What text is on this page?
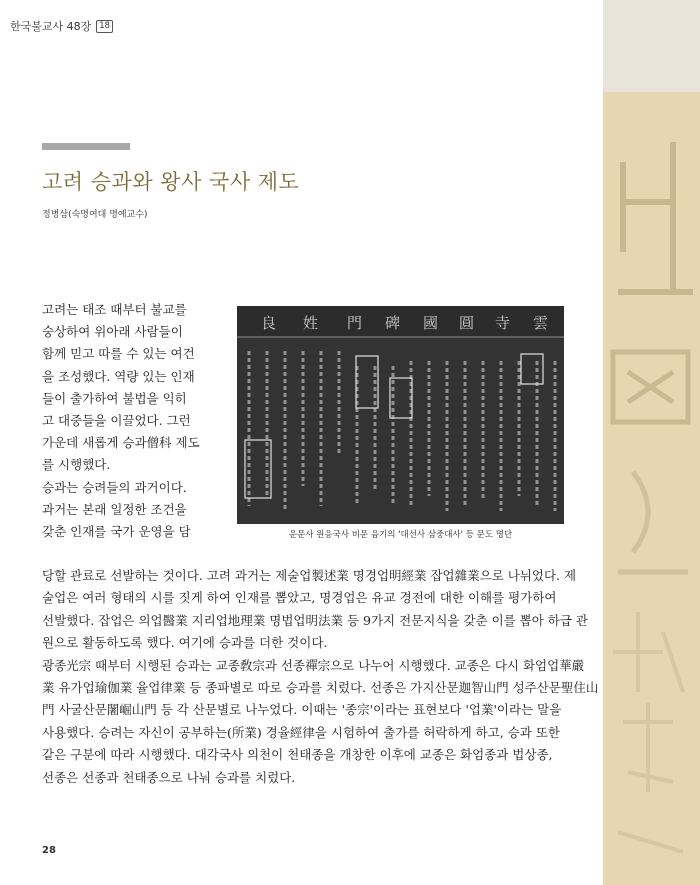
한국불교사 48장 18
고려 승과와 왕사 국사 제도
정병삼(숙명여대 명예교수)
고려는 태조 때부터 불교를
숭상하여 위아래 사람들이
함께 믿고 따를 수 있는 여건
을 조성했다. 역량 있는 인재
들이 출가하여 불법을 익히
고 대중들을 이끌었다. 그런
가운데 새롭게 승과僧科 제도
를 시행했다.
승과는 승려들의 과거이다.
과거는 본래 일정한 조건을
갖춘 인재를 국가 운영을 담
雲
寺
圓
國
碑
門
姓
良
운문사 원응국사 비문 음기의 '대선사 삼중대사' 등 문도 명단
당할 관료로 선발하는 것이다. 고려 과거는 제술업製述業 명경업明經業 잡업雜業으로 나뉘었다. 제
술업은 여러 형태의 시를 짓게 하여 인재를 뽑았고, 명경업은 유교 경전에 대한 이해를 평가하여
선발했다. 잡업은 의업醫業 지리업地理業 명법업明法業 등 9가지 전문지식을 갖춘 이를 뽑아 하급 관
원으로 활동하도록 했다. 여기에 승과를 더한 것이다.
광종光宗 때부터 시행된 승과는 교종敎宗과 선종禪宗으로 나누어 시행했다. 교종은 다시 화엄업華嚴
業 유가업瑜伽業 율업律業 등 종파별로 따로 승과를 치렀다. 선종은 가지산문迦智山門 성주산문聖住山
門 사굴산문闍崛山門 등 각 산문별로 나누었다. 이때는 '종宗'이라는 표현보다 '업業'이라는 말을
사용했다. 승려는 자신이 공부하는(所業) 경율經律을 시험하여 출가를 허락하게 하고, 승과 또한
같은 구분에 따라 시행했다. 대각국사 의천이 천태종을 개창한 이후에 교종은 화엄종과 법상종,
선종은 선종과 천태종으로 나눠 승과를 치렀다.
28
